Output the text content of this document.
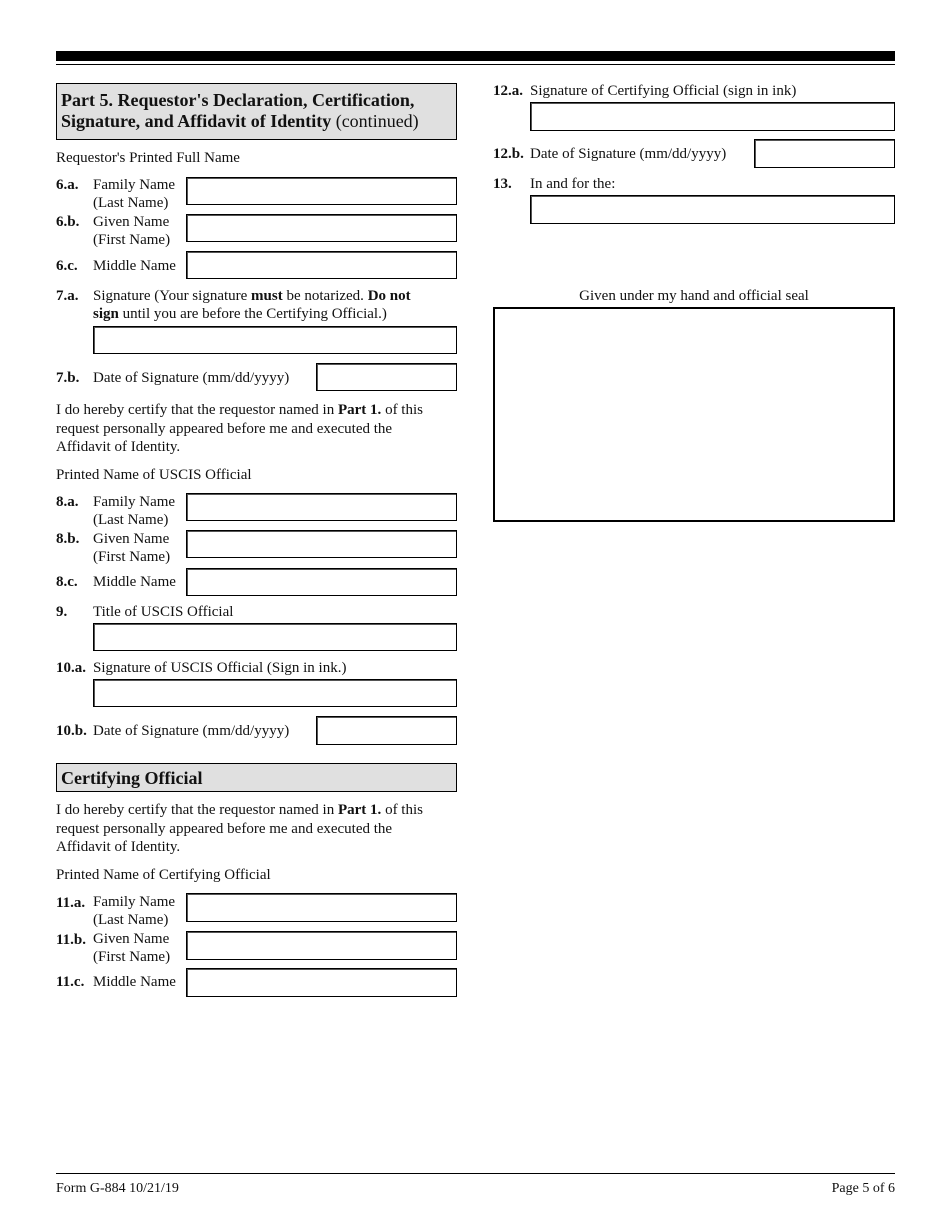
Part 5. Requestor's Declaration, Certification, Signature, and Affidavit of Identity (continued)
Requestor's Printed Full Name
6.a. Family Name
(Last Name)
6.b. Given Name
(First Name)
6.c. Middle Name
7.a. Signature (Your signature must be notarized. Do not
sign until you are before the Certifying Official.)
7.b. Date of Signature (mm/dd/yyyy)
I do hereby certify that the requestor named in Part 1. of this
request personally appeared before me and executed the
Affidavit of Identity.
Printed Name of USCIS Official
8.a. Family Name
(Last Name)
8.b. Given Name
(First Name)
8.c. Middle Name
9. Title of USCIS Official
10.a. Signature of USCIS Official (Sign in ink.)
10.b. Date of Signature (mm/dd/yyyy)
Certifying Official
I do hereby certify that the requestor named in Part 1. of this
request personally appeared before me and executed the
Affidavit of Identity.
Printed Name of Certifying Official
11.a. Family Name
(Last Name)
11.b. Given Name
(First Name)
11.c. Middle Name
12.a. Signature of Certifying Official (sign in ink)
12.b. Date of Signature (mm/dd/yyyy)
13. In and for the:
Given under my hand and official seal
Form G-884 10/21/19	Page 5 of 6
